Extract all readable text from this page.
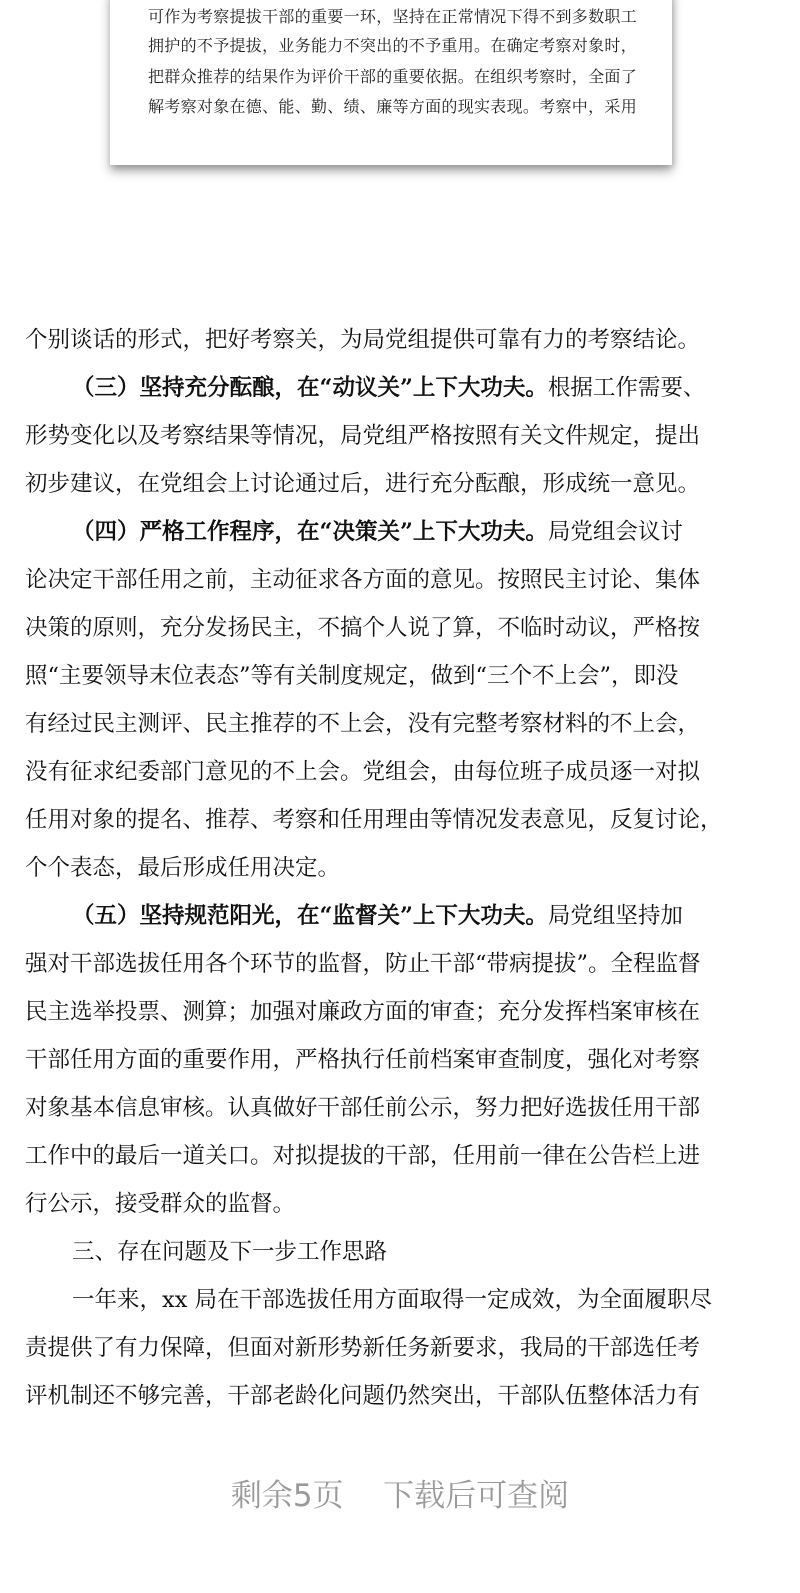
可作为考察提拔干部的重要一环，坚持在正常情况下得不到多数职工
拥护的不予提拔，业务能力不突出的不予重用。在确定考察对象时，
把群众推荐的结果作为评价干部的重要依据。在组织考察时，全面了
解考察对象在德、能、勤、绩、廉等方面的现实表现。考察中，采用
个别谈话的形式，把好考察关，为局党组提供可靠有力的考察结论。
（三）坚持充分酝酿，在“动议关”上下大功夫。根据工作需要、
形势变化以及考察结果等情况，局党组严格按照有关文件规定，提出
初步建议，在党组会上讨论通过后，进行充分酝酿，形成统一意见。
（四）严格工作程序，在“决策关”上下大功夫。局党组会议讨
论决定干部任用之前，主动征求各方面的意见。按照民主讨论、集体
决策的原则，充分发扬民主，不搞个人说了算，不临时动议，严格按
照“主要领导末位表态”等有关制度规定，做到“三个不上会”，即没
有经过民主测评、民主推荐的不上会，没有完整考察材料的不上会，
没有征求纪委部门意见的不上会。党组会，由每位班子成员逐一对拟
任用对象的提名、推荐、考察和任用理由等情况发表意见，反复讨论，
个个表态，最后形成任用决定。
（五）坚持规范阳光，在“监督关”上下大功夫。局党组坚持加
强对干部选拔任用各个环节的监督，防止干部“带病提拔”。全程监督
民主选举投票、测算；加强对廉政方面的审查；充分发挥档案审核在
干部任用方面的重要作用，严格执行任前档案审查制度，强化对考察
对象基本信息审核。认真做好干部任前公示，努力把好选拔任用干部
工作中的最后一道关口。对拟提拔的干部，任用前一律在公告栏上进
行公示，接受群众的监督。
三、存在问题及下一步工作思路
一年来，xx 局在干部选拔任用方面取得一定成效，为全面履职尽
责提供了有力保障，但面对新形势新任务新要求，我局的干部选任考
评机制还不够完善，干部老龄化问题仍然突出，干部队伍整体活力有
剩余5页 下载后可查阅
